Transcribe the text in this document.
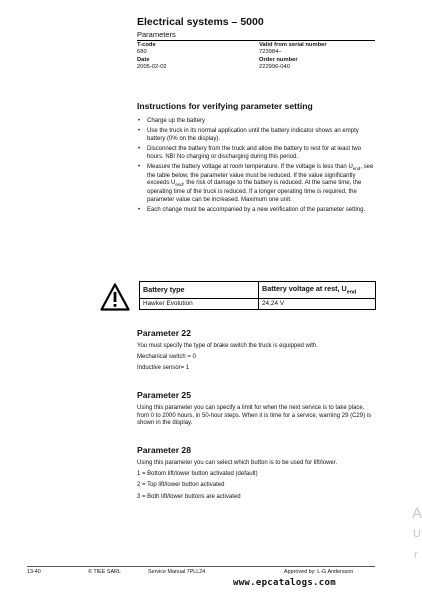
Electrical systems – 5000
Parameters
T-code	Valid from serial number
680	723984–
Date	Order number
2005-02-02	222996-040
Instructions for verifying parameter setting
• Charge up the battery
• Use the truck in its normal application until the battery indicator shows an empty battery (0% on the display).
• Disconnect the battery from the truck and allow the battery to rest for at least two hours. NB! No charging or discharging during this period.
• Measure the battery voltage at room temperature. If the voltage is less than $U_{end}$, see the table below, the parameter value must be reduced. If the value significantly exceeds $U_{end}$, the risk of damage to the battery is reduced. At the same time, the operating time of the truck is reduced. If a longer operating time is required, the parameter value can be increased. Maximum one unit.
• Each change must be accompanied by a new verification of the parameter setting.
Battery type	Battery voltage at rest, $U_{end}$
Hawker Evolution	24,24 V
Parameter 22

You must specify the type of brake switch the truck is equipped with.

Mechanical switch = 0

Inductive sensor= 1

Parameter 25

Using this parameter you can specify a limit for when the next service is to take place, from 0 to 2000 hours, in 50-hour steps. When it is time for a service, warning 29 (C29) is shown in the display.

Parameter 28

Using this parameter you can select which button is to be used for lift/lower.

1 = Bottom lift/lower button activated (default)

2 = Top lift/lower button activated

3 = Both lift/lower buttons are activated

A
U
r
13-40	© TIEE SARL	Service Manual 7PLL24	Approved by: L-G Andersson
www.epcatalogs.com
